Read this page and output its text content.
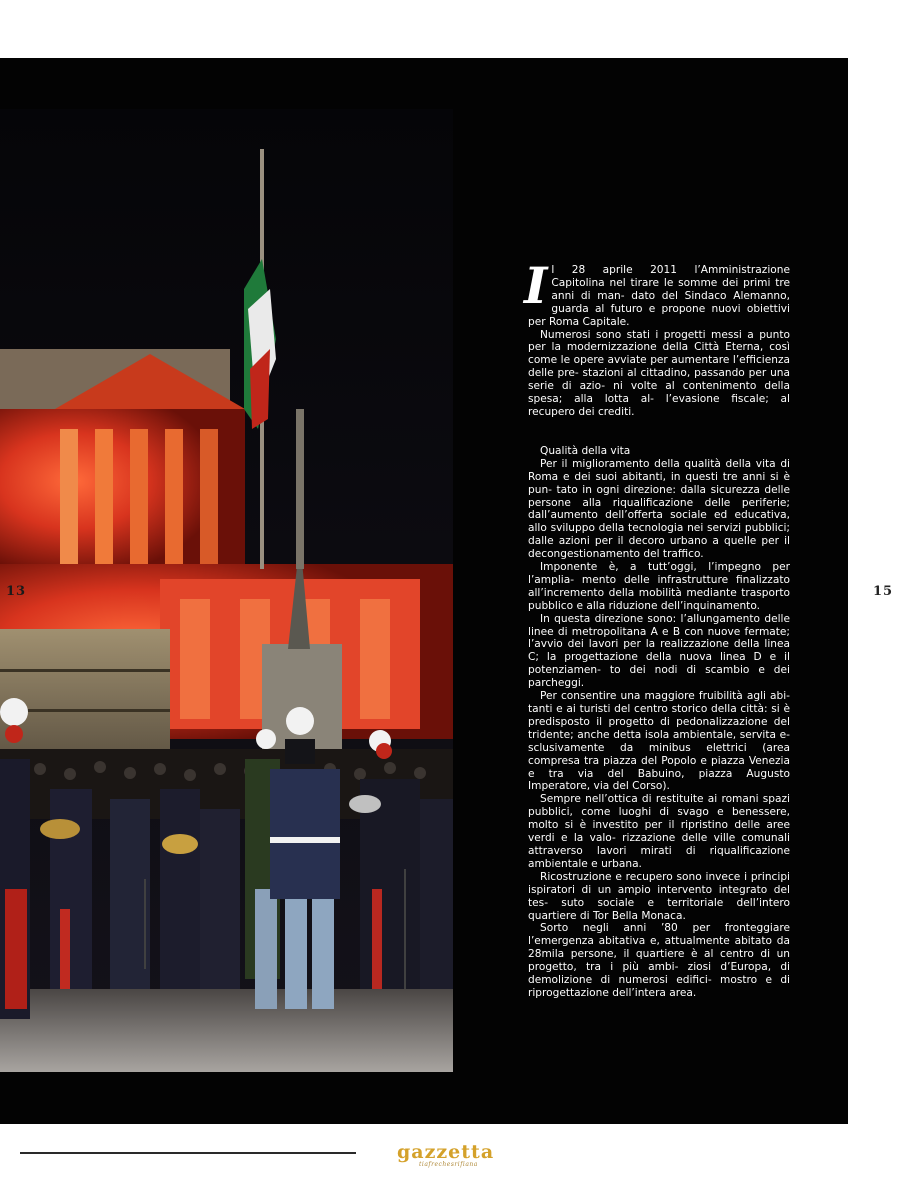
13	15
I l 28 aprile 2011 l’Amministrazione Capitolina nel tirare le somme dei primi tre anni di man- dato del Sindaco Alemanno, guarda al futuro e propone nuovi obiettivi per Roma Capitale.

Numerosi sono stati i progetti messi a punto per la modernizzazione della Città Eterna, così come le opere avviate per aumentare l’efficienza delle pre- stazioni al cittadino, passando per una serie di azio- ni volte al contenimento della spesa; alla lotta al- l’evasione fiscale; al recupero dei crediti.

Qualità della vita

Per il miglioramento della qualità della vita di Roma e dei suoi abitanti, in questi tre anni si è pun- tato in ogni direzione: dalla sicurezza delle persone alla riqualificazione delle periferie; dall’aumento dell’offerta sociale ed educativa, allo sviluppo della tecnologia nei servizi pubblici; dalle azioni per il decoro urbano a quelle per il decongestionamento del traffico.

Imponente è, a tutt’oggi, l’impegno per l’amplia- mento delle infrastrutture finalizzato all’incremento della mobilità mediante trasporto pubblico e alla riduzione dell’inquinamento.

In questa direzione sono: l’allungamento delle linee di metropolitana A e B con nuove fermate; l’avvio dei lavori per la realizzazione della linea C; la progettazione della nuova linea D e il potenziamen- to dei nodi di scambio e dei parcheggi.

Per consentire una maggiore fruibilità agli abi- tanti e ai turisti del centro storico della città: si è predisposto il progetto di pedonalizzazione del tridente; anche detta isola ambientale, servita e- sclusivamente da minibus elettrici (area compresa tra piazza del Popolo e piazza Venezia e tra via del Babuino, piazza Augusto Imperatore, via del Corso).

Sempre nell’ottica di restituite ai romani spazi pubblici, come luoghi di svago e benessere, molto si è investito per il ripristino delle aree verdi e la valo- rizzazione delle ville comunali attraverso lavori mirati di riqualificazione ambientale e urbana.

Ricostruzione e recupero sono invece i principi ispiratori di un ampio intervento integrato del tes- suto sociale e territoriale dell’intero quartiere di Tor Bella Monaca.

Sorto negli anni ’80 per fronteggiare l’emergenza abitativa e, attualmente abitato da 28mila persone, il quartiere è al centro di un progetto, tra i più ambi- ziosi d’Europa, di demolizione di numerosi edifici- mostro e di riprogettazione dell’intera area.

gazzetta
tiafrechesrifiana
